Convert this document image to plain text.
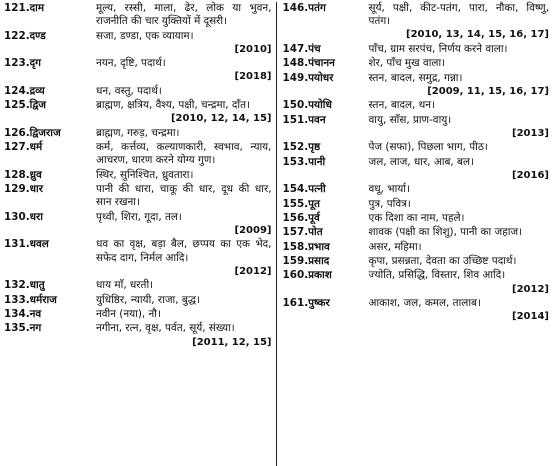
121.दाम	मूल्य, रस्सी, माला, ढेर, लोक या भुवन, राजनीति की चार युक्तियों में दूसरी।
122.दण्ड	सजा, डण्डा, एक व्यायाम।
[2010]
123.दृग	नयन, दृष्टि, पदार्थ।
[2018]
124.द्रव्य	धन, वस्तु, पदार्थ।
125.द्विज	ब्राह्मण, क्षत्रिय, वैश्य, पक्षी, चन्द्रमा, दाँत।
[2010, 12, 14, 15]
126.द्विजराज	ब्राह्मण, गरुड़, चन्द्रमा।
127.धर्म	कर्म, कर्त्तव्य, कल्याणकारी, स्वभाव, न्याय, आचरण, धारण करने योग्य गुण।
128.ध्रुव	स्थिर, सुनिश्चित, ध्रुवतारा।
129.धार	पानी की धारा, चाकू की धार, दूध की धार, सान रखना।
130.धरा	पृथ्वी, शिरा, गूदा, तल।
[2009]
131.धवल	धव का वृक्ष, बड़ा बैल, छप्पय का एक भेद, सफेद दाग, निर्मल आदि।
[2012]
132.धातु	धाय माँ, धरती।
133.धर्मराज	युधिष्ठिर, न्यायी, राजा, बुद्ध।
134.नव	नवीन (नया), नौ।
135.नग	नगीना, रत्न, वृक्ष, पर्वत, सूर्य, संख्या।
[2011, 12, 15]
146.पतंग	सूर्य, पक्षी, कीट-पतंग, पारा, नौका, विष्णु, पतंग।
[2010, 13, 14, 15, 16, 17]
147.पंच	पाँच, ग्राम सरपंच, निर्णय करने वाला।
148.पंचानन	शेर, पाँच मुख वाला।
149.पयोधर	स्तन, बादल, समुद्र, गन्ना।
[2009, 11, 15, 16, 17]
150.पयोधि	स्तन, बादल, थन।
151.पवन	वायु, साँस, प्राण-वायु।
[2013]
152.पृष्ठ	पेज (सफा), पिछला भाग, पीठ।
153.पानी	जल, लाज, धार, आब, बल।
[2016]
154.पत्नी	वधू, भार्या।
155.पूत	पुत्र, पवित्र।
156.पूर्व	एक दिशा का नाम, पहले।
157.पोत	शावक (पक्षी का शिशु), पानी का जहाज।
158.प्रभाव	असर, महिमा।
159.प्रसाद	कृपा, प्रसन्नता, देवता का उच्छिष्ट पदार्थ।
160.प्रकाश	ज्योति, प्रसिद्धि, विस्तार, शिव आदि।
[2012]
161.पुष्कर	आकाश, जल, कमल, तालाब।
[2014]
